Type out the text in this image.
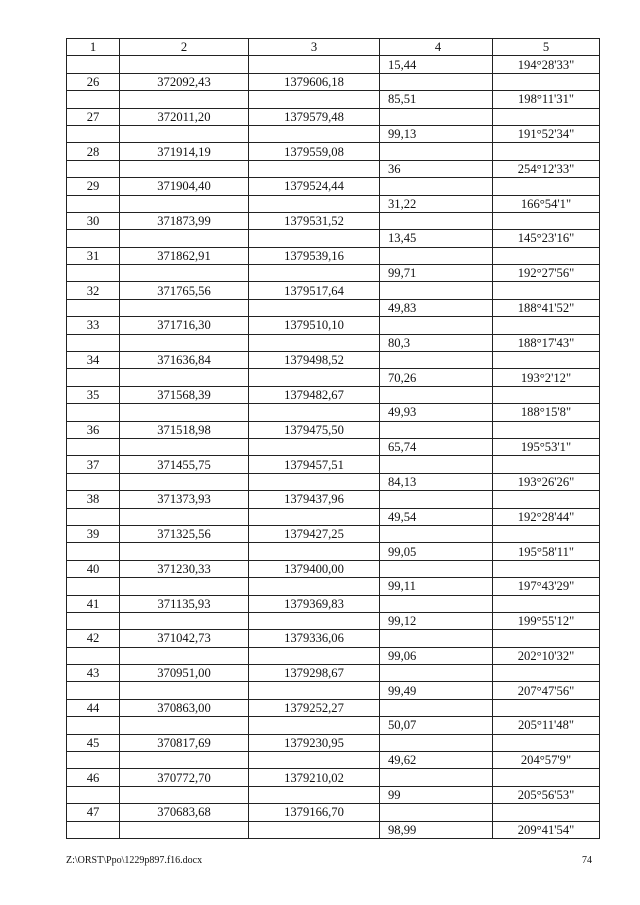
1	2	3	4	5
			15,44	194°28'33"
26	372092,43	1379606,18		
			85,51	198°11'31"
27	372011,20	1379579,48		
			99,13	191°52'34"
28	371914,19	1379559,08		
			36	254°12'33"
29	371904,40	1379524,44		
			31,22	166°54'1"
30	371873,99	1379531,52		
			13,45	145°23'16"
31	371862,91	1379539,16		
			99,71	192°27'56"
32	371765,56	1379517,64		
			49,83	188°41'52"
33	371716,30	1379510,10		
			80,3	188°17'43"
34	371636,84	1379498,52		
			70,26	193°2'12"
35	371568,39	1379482,67		
			49,93	188°15'8"
36	371518,98	1379475,50		
			65,74	195°53'1"
37	371455,75	1379457,51		
			84,13	193°26'26"
38	371373,93	1379437,96		
			49,54	192°28'44"
39	371325,56	1379427,25		
			99,05	195°58'11"
40	371230,33	1379400,00		
			99,11	197°43'29"
41	371135,93	1379369,83		
			99,12	199°55'12"
42	371042,73	1379336,06		
			99,06	202°10'32"
43	370951,00	1379298,67		
			99,49	207°47'56"
44	370863,00	1379252,27		
			50,07	205°11'48"
45	370817,69	1379230,95		
			49,62	204°57'9"
46	370772,70	1379210,02		
			99	205°56'53"
47	370683,68	1379166,70		
			98,99	209°41'54"
Z:\ORST\Ppo\1229p897.f16.docx	74
